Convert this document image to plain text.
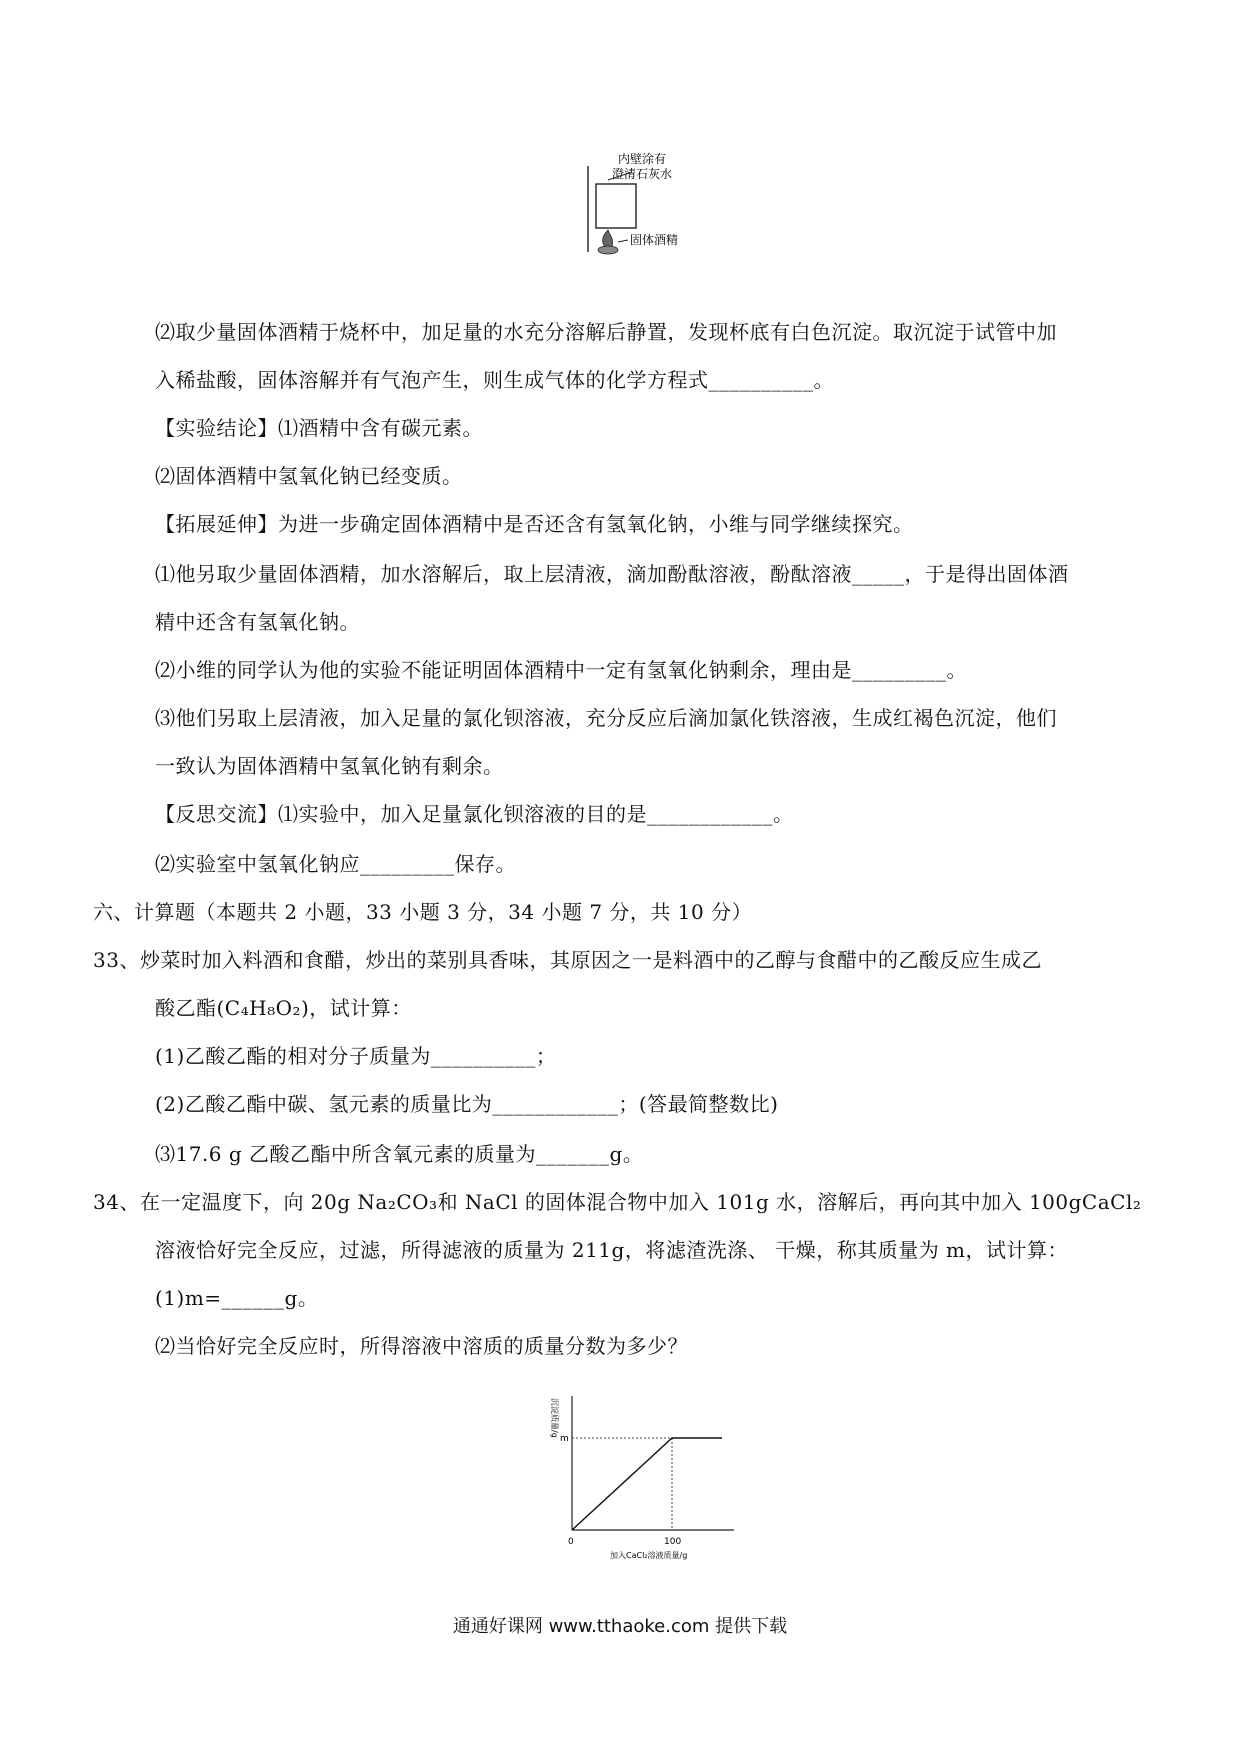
内壁涂有
澄清石灰水
固体酒精
⑵取少量固体酒精于烧杯中，加足量的水充分溶解后静置，发现杯底有白色沉淀。取沉淀于试管中加
入稀盐酸，固体溶解并有气泡产生，则生成气体的化学方程式__________。
【实验结论】⑴酒精中含有碳元素。
⑵固体酒精中氢氧化钠已经变质。
【拓展延伸】为进一步确定固体酒精中是否还含有氢氧化钠，小维与同学继续探究。
⑴他另取少量固体酒精，加水溶解后，取上层清液，滴加酚酞溶液，酚酞溶液_____，于是得出固体酒
精中还含有氢氧化钠。
⑵小维的同学认为他的实验不能证明固体酒精中一定有氢氧化钠剩余，理由是_________。
⑶他们另取上层清液，加入足量的氯化钡溶液，充分反应后滴加氯化铁溶液，生成红褐色沉淀，他们
一致认为固体酒精中氢氧化钠有剩余。
【反思交流】⑴实验中，加入足量氯化钡溶液的目的是____________。
⑵实验室中氢氧化钠应_________保存。
六、计算题（本题共 2 小题，33 小题 3 分，34 小题 7 分，共 10 分）
33、炒菜时加入料酒和食醋，炒出的菜别具香味，其原因之一是料酒中的乙醇与食醋中的乙酸反应生成乙
酸乙酯(C₄H₈O₂)，试计算：
(1)乙酸乙酯的相对分子质量为__________；
(2)乙酸乙酯中碳、氢元素的质量比为____________；(答最简整数比)
⑶17.6 g 乙酸乙酯中所含氧元素的质量为_______g。
34、在一定温度下，向 20g Na₂CO₃和 NaCl 的固体混合物中加入 101g 水，溶解后，再向其中加入 100gCaCl₂
溶液恰好完全反应，过滤，所得滤液的质量为 211g，将滤渣洗涤、 干燥，称其质量为 m，试计算：
(1)m=______g。
⑵当恰好完全反应时，所得溶液中溶质的质量分数为多少？
0	100
m
加入CaCl₂溶液质量/g
沉淀质量/g
通通好课网 www.tthaoke.com 提供下载
